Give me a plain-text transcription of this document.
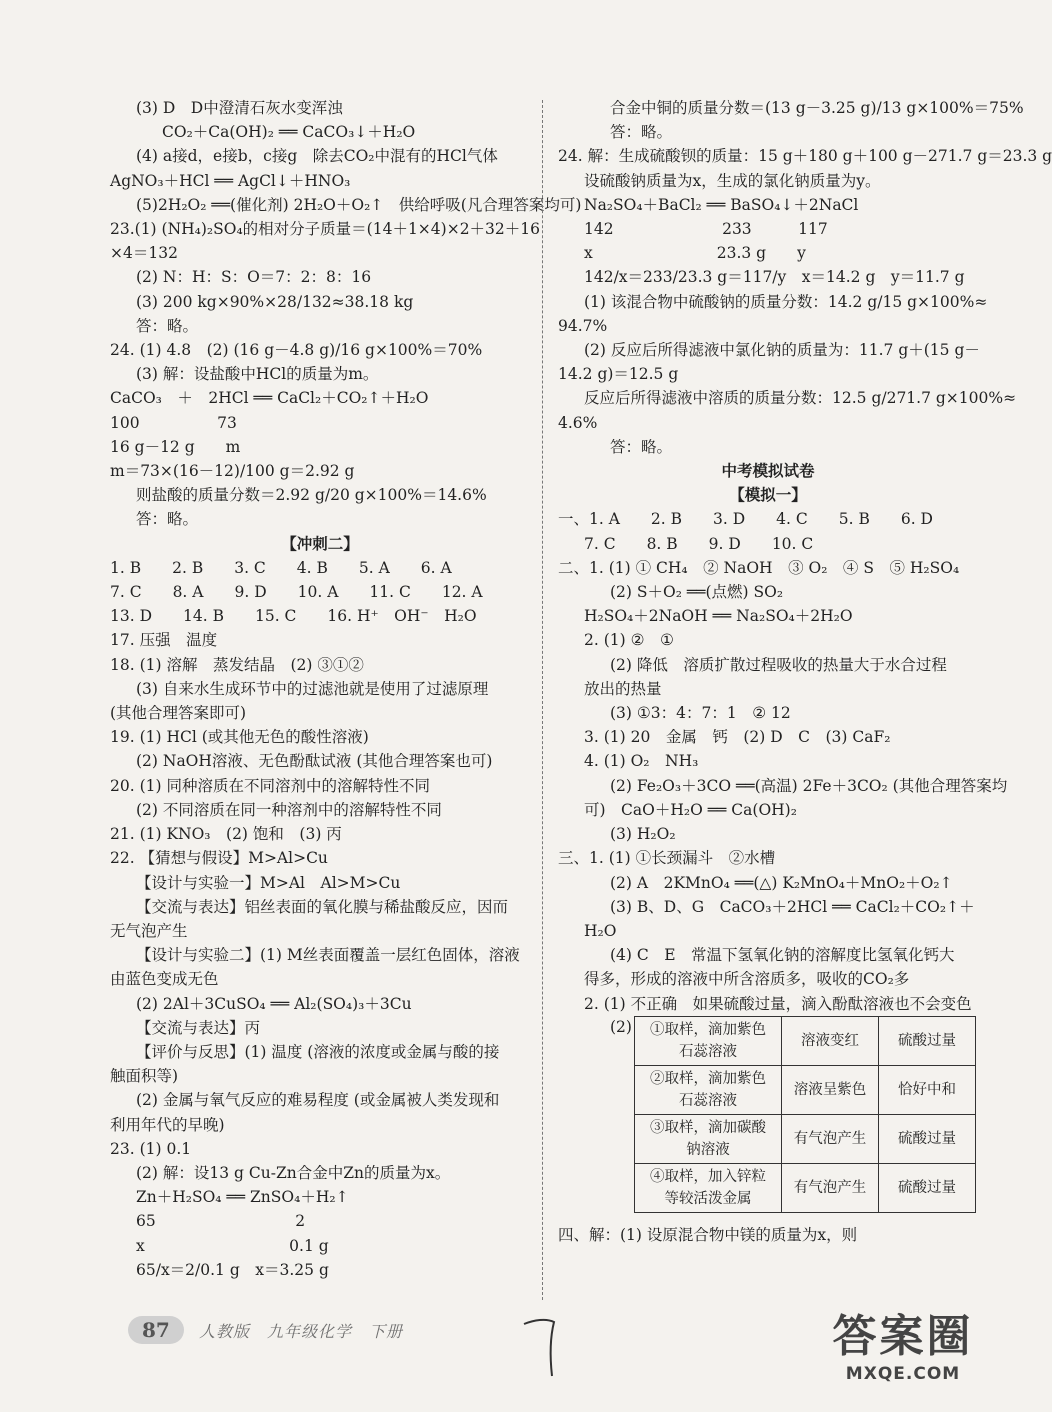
(3) D　D中澄清石灰水变浑浊
CO₂＋Ca(OH)₂ ══ CaCO₃↓＋H₂O
(4) a接d，e接b，c接g　除去CO₂中混有的HCl气体
AgNO₃＋HCl ══ AgCl↓＋HNO₃
(5)2H₂O₂ ══(催化剂) 2H₂O＋O₂↑　供给呼吸(凡合理答案均可)
23.(1) (NH₄)₂SO₄的相对分子质量＝(14＋1×4)×2＋32＋16
×4＝132
(2) N：H：S：O＝7：2：8：16
(3) 200 kg×90%×28/132≈38.18 kg
答：略。
24. (1) 4.8　(2) (16 g－4.8 g)/16 g×100%＝70%
(3) 解：设盐酸中HCl的质量为m。
CaCO₃　＋　2HCl ══ CaCl₂＋CO₂↑＋H₂O
100　　　　　73
16 g－12 g　　m
m＝73×(16－12)/100 g＝2.92 g
则盐酸的质量分数＝2.92 g/20 g×100%＝14.6%
答：略。
【冲刺二】
1. B　　2. B　　3. C　　4. B　　5. A　　6. A
7. C　　8. A　　9. D　　10. A　　11. C　　12. A
13. D　　14. B　　15. C　　16. H⁺　OH⁻　H₂O
17. 压强　温度
18. (1) 溶解　蒸发结晶　(2) ③①②
(3) 自来水生成环节中的过滤池就是使用了过滤原理
(其他合理答案即可)
19. (1) HCl (或其他无色的酸性溶液)
(2) NaOH溶液、无色酚酞试液 (其他合理答案也可)
20. (1) 同种溶质在不同溶剂中的溶解特性不同
(2) 不同溶质在同一种溶剂中的溶解特性不同
21. (1) KNO₃　(2) 饱和　(3) 丙
22. 【猜想与假设】M>Al>Cu
【设计与实验一】M>Al　Al>M>Cu
【交流与表达】铝丝表面的氧化膜与稀盐酸反应，因而
无气泡产生
【设计与实验二】(1) M丝表面覆盖一层红色固体，溶液
由蓝色变成无色
(2) 2Al＋3CuSO₄ ══ Al₂(SO₄)₃＋3Cu
【交流与表达】丙
【评价与反思】(1) 温度 (溶液的浓度或金属与酸的接
触面积等)
(2) 金属与氧气反应的难易程度 (或金属被人类发现和
利用年代的早晚)
23. (1) 0.1
(2) 解：设13 g Cu-Zn合金中Zn的质量为x。
Zn＋H₂SO₄ ══ ZnSO₄＋H₂↑
65　　　　　　　　　2
x　　　　　　　　　 0.1 g
65/x＝2/0.1 g　x＝3.25 g
合金中铜的质量分数＝(13 g－3.25 g)/13 g×100%＝75%
答：略。
24. 解：生成硫酸钡的质量：15 g＋180 g＋100 g－271.7 g＝23.3 g
设硫酸钠质量为x，生成的氯化钠质量为y。
Na₂SO₄＋BaCl₂ ══ BaSO₄↓＋2NaCl
142　　　　　　　233　　　117
x　　　　　　　　23.3 g　　y
142/x＝233/23.3 g＝117/y　x＝14.2 g　y＝11.7 g
(1) 该混合物中硫酸钠的质量分数：14.2 g/15 g×100%≈
94.7%
(2) 反应后所得滤液中氯化钠的质量为：11.7 g＋(15 g－
14.2 g)＝12.5 g
反应后所得滤液中溶质的质量分数：12.5 g/271.7 g×100%≈
4.6%
答：略。
中考模拟试卷
【模拟一】
一、1. A　　2. B　　3. D　　4. C　　5. B　　6. D
7. C　　8. B　　9. D　　10. C
二、1. (1) ① CH₄　② NaOH　③ O₂　④ S　⑤ H₂SO₄
(2) S＋O₂ ══(点燃) SO₂
H₂SO₄＋2NaOH ══ Na₂SO₄＋2H₂O
2. (1) ②　①
(2) 降低　溶质扩散过程吸收的热量大于水合过程
放出的热量
(3) ①3：4：7：1　② 12
3. (1) 20　金属　钙　(2) D　C　(3) CaF₂
4. (1) O₂　NH₃
(2) Fe₂O₃＋3CO ══(高温) 2Fe＋3CO₂ (其他合理答案均
可)　CaO＋H₂O ══ Ca(OH)₂
(3) H₂O₂
三、1. (1) ①长颈漏斗　②水槽
(2) A　2KMnO₄ ══(△) K₂MnO₄＋MnO₂＋O₂↑
(3) B、D、G　CaCO₃＋2HCl ══ CaCl₂＋CO₂↑＋
H₂O
(4) C　E　常温下氢氧化钠的溶解度比氢氧化钙大
得多，形成的溶液中所含溶质多，吸收的CO₂多
2. (1) 不正确　如果硫酸过量，滴入酚酞溶液也不会变色
(2) ①取样，滴加紫色石蕊溶液	溶液变红	硫酸过量
②取样，滴加紫色石蕊溶液	溶液呈紫色	恰好中和
③取样，滴加碳酸钠溶液	有气泡产生	硫酸过量
④取样，加入锌粒等较活泼金属	有气泡产生	硫酸过量
四、解：(1) 设原混合物中镁的质量为x，则
87 人教版　九年级化学　下册	答案圈
MXQE.COM
